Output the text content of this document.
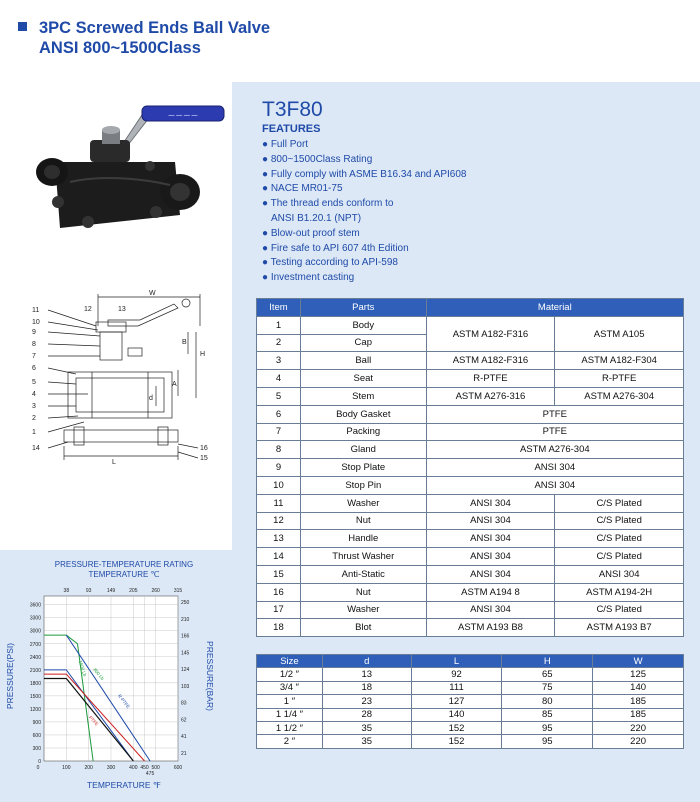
3PC Screwed Ends Ball Valve
ANSI 800~1500Class
— — — —
W
B
H
A
d
L
12	13
11
10
9
8
7
6
5
4
3
2
1
14	16
15
T3F80
FEATURES
● Full Port
● 800~1500Class Rating
● Fully comply with ASME B16.34 and API608
● NACE MR01-75
● The thread ends conform to
ANSI B1.20.1 (NPT)
● Blow-out proof stem
● Fire safe to API 607 4th Edition
● Testing according to API-598
● Investment casting
Item	Parts	Material	
1	Body	ASTM A182-F316	ASTM A105
2	Cap		
3	Ball	ASTM A182-F316	ASTM A182-F304
4	Seat	R-PTFE	R-PTFE
5	Stem	ASTM A276-316	ASTM A276-304
6	Body Gasket	PTFE	
7	Packing	PTFE	
8	Gland	ASTM A276-304	
9	Stop Plate	ANSI 304	
10	Stop Pin	ANSI 304	
11	Washer	ANSI 304	C/S Plated
12	Nut	ANSI 304	C/S Plated
13	Handle	ANSI 304	C/S Plated
14	Thrust Washer	ANSI 304	C/S Plated
15	Anti-Static	ANSI 304	ANSI 304
16	Nut	ASTM A194 8	ASTM A194-2H
17	Washer	ANSI 304	C/S Plated
18	Blot	ASTM A193 B8	ASTM A193 B7
Size	d	L	H	W
1/2 ″	13	92	65	125
3/4 ″	18	111	75	140
1 ″	23	127	80	185
1 1/4 ″	28	140	85	185
1 1/2 ″	35	152	95	220
2 ″	35	152	95	220
PRESSURE-TEMPERATURE RATING
TEMPERATURE ℃
TEMPERATURE ℉
PRESSURE(PSI)	PRESSURE(BAR)
3600
3300
3000
2700
2400
2100
1800
1500
1200
900
600
300
0
250
210
166
145
124
103
83
62
41
21
100	200	300	400 450 500	600
475
0
38	93	149	205	260	315
1500 Lb
R-PTFE
800 Lb
PTFE
